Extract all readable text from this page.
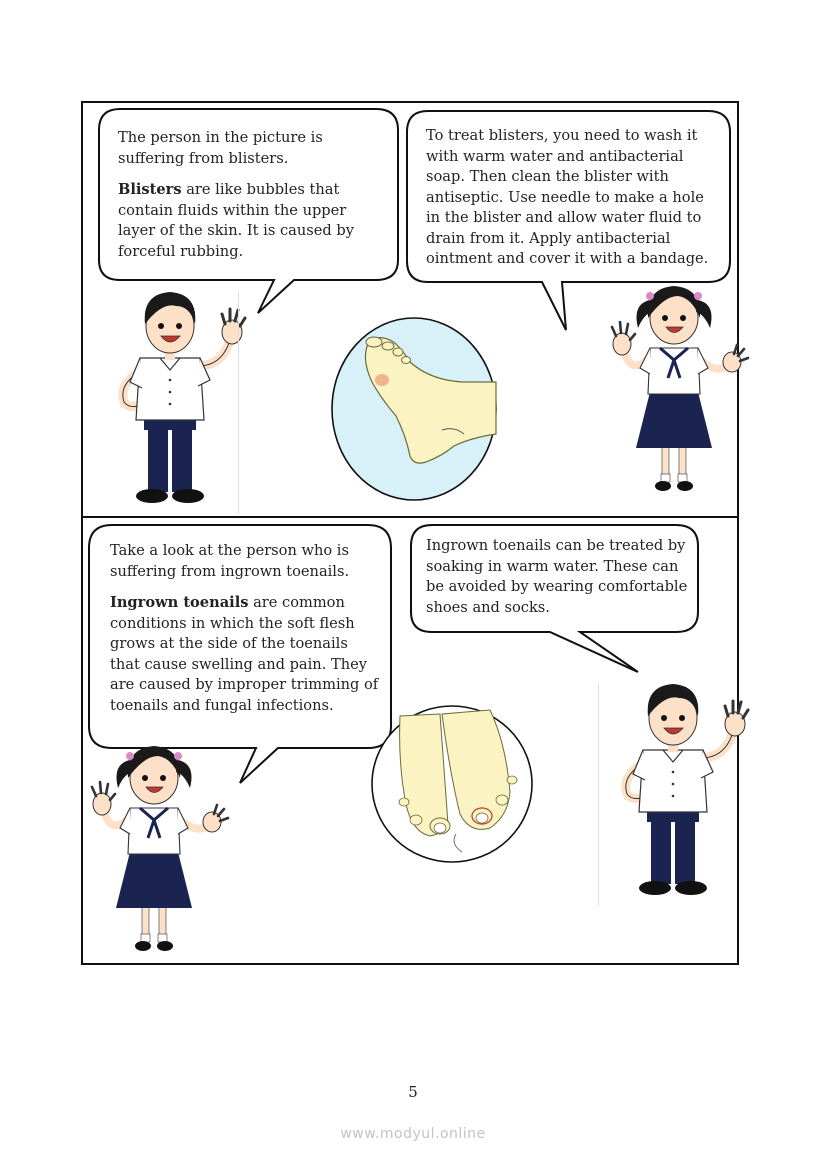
The person in the picture is suffering from blisters.

Blisters are like bubbles that contain fluids within the upper layer of the skin. It is caused by forceful rubbing.

To treat blisters, you need to wash it with warm water and antibacterial soap. Then clean the blister with antiseptic. Use needle to make a hole in the blister and allow water fluid to drain from it. Apply antibacterial ointment and cover it with a bandage.

Take a look at the person who is suffering from ingrown toenails.

Ingrown toenails are common conditions in which the soft flesh grows at the side of the toenails that cause swelling and pain. They are caused by improper trimming of toenails and fungal infections.

Ingrown toenails can be treated by soaking in warm water. These can be avoided by wearing comfortable shoes and socks.

5
www.modyul.online
